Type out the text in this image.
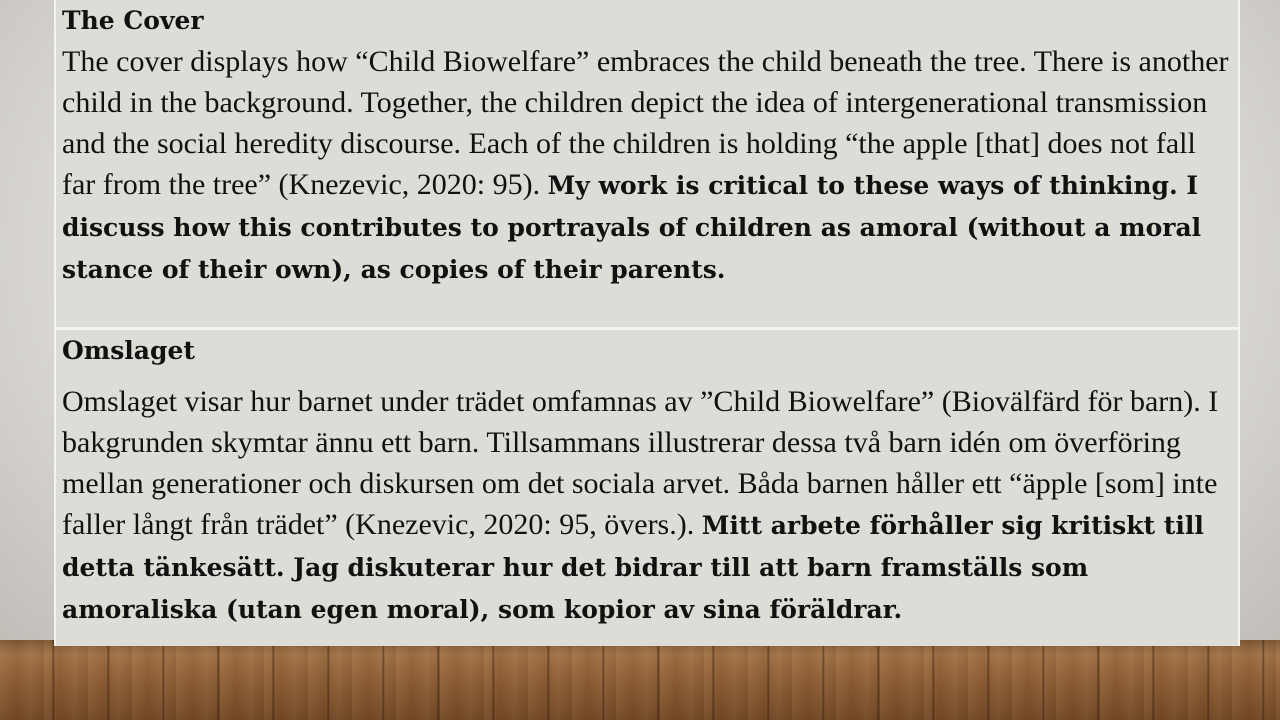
The Cover

The cover displays how “Child Biowelfare” embraces the child beneath the tree. There is another child in the background. Together, the children depict the idea of intergenerational transmission and the social heredity discourse. Each of the children is holding “the apple [that] does not fall far from the tree” (Knezevic, 2020: 95). My work is critical to these ways of thinking. I discuss how this contributes to portrayals of children as amoral (without a moral stance of their own), as copies of their parents.

Omslaget

Omslaget visar hur barnet under trädet omfamnas av ”Child Biowelfare” (Biovälfärd för barn). I bakgrunden skymtar ännu ett barn. Tillsammans illustrerar dessa två barn idén om överföring mellan generationer och diskursen om det sociala arvet. Båda barnen håller ett “äpple [som] inte faller långt från trädet” (Knezevic, 2020: 95, övers.). Mitt arbete förhåller sig kritiskt till detta tänkesätt. Jag diskuterar hur det bidrar till att barn framställs som amoraliska (utan egen moral), som kopior av sina föräldrar.
